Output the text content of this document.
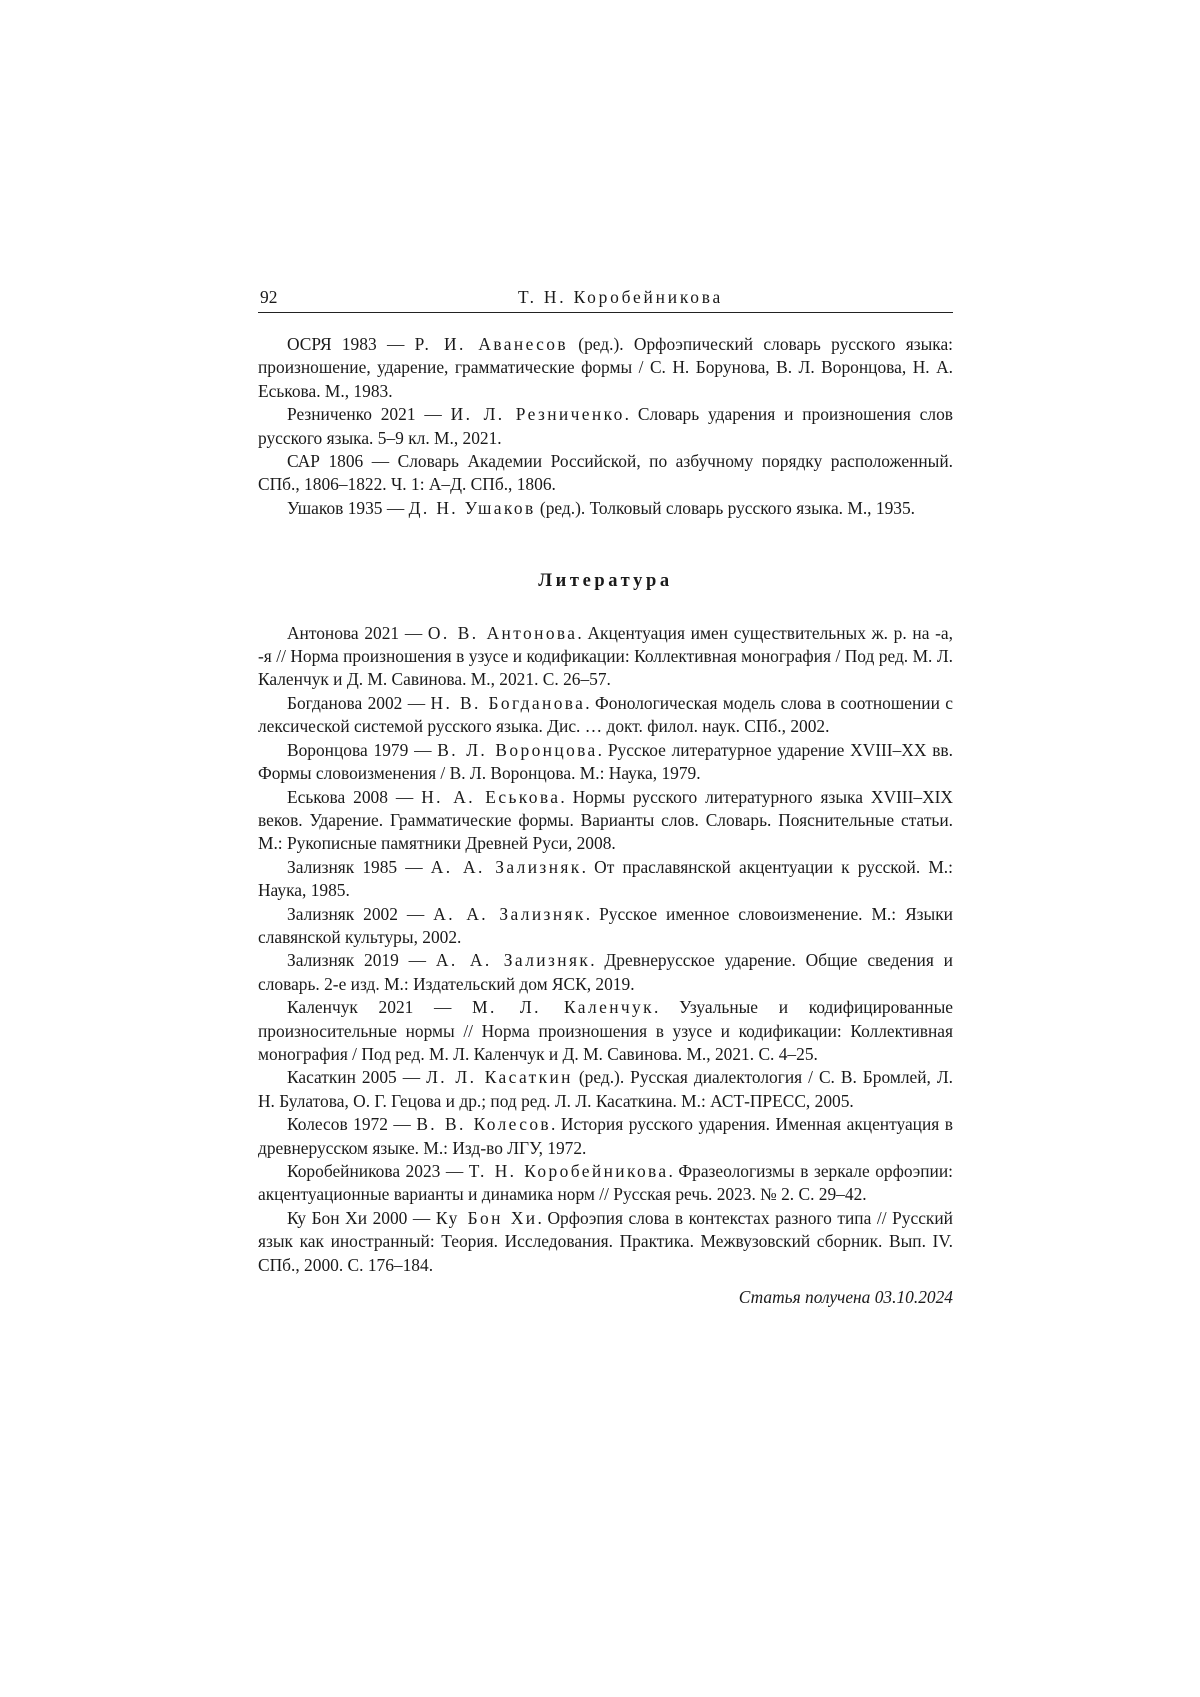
92	Т. Н. Коробейникова

ОСРЯ 1983 — Р. И. Аванесов (ред.). Орфоэпический словарь русского языка: произношение, ударение, грамматические формы / С. Н. Борунова, В. Л. Воронцова, Н. А. Еськова. М., 1983.

Резниченко 2021 — И. Л. Резниченко. Словарь ударения и произношения слов русского языка. 5–9 кл. М., 2021.

САР 1806 — Словарь Академии Российской, по азбучному порядку расположенный. СПб., 1806–1822. Ч. 1: А–Д. СПб., 1806.

Ушаков 1935 — Д. Н. Ушаков (ред.). Толковый словарь русского языка. М., 1935.

Литература

Антонова 2021 — О. В. Антонова. Акцентуация имен существительных ж. р. на -а, -я // Норма произношения в узусе и кодификации: Коллективная монография / Под ред. М. Л. Каленчук и Д. М. Савинова. М., 2021. С. 26–57.

Богданова 2002 — Н. В. Богданова. Фонологическая модель слова в соотношении с лексической системой русского языка. Дис. … докт. филол. наук. СПб., 2002.

Воронцова 1979 — В. Л. Воронцова. Русское литературное ударение XVIII–XX вв. Формы словоизменения / В. Л. Воронцова. М.: Наука, 1979.

Еськова 2008 — Н. А. Еськова. Нормы русского литературного языка XVIII–XIX веков. Ударение. Грамматические формы. Варианты слов. Словарь. Пояснительные статьи. М.: Рукописные памятники Древней Руси, 2008.

Зализняк 1985 — А. А. Зализняк. От праславянской акцентуации к русской. М.: Наука, 1985.

Зализняк 2002 — А. А. Зализняк. Русское именное словоизменение. М.: Языки славянской культуры, 2002.

Зализняк 2019 — А. А. Зализняк. Древнерусское ударение. Общие сведения и словарь. 2-е изд. М.: Издательский дом ЯСК, 2019.

Каленчук 2021 — М. Л. Каленчук. Узуальные и кодифицированные произносительные нормы // Норма произношения в узусе и кодификации: Коллективная монография / Под ред. М. Л. Каленчук и Д. М. Савинова. М., 2021. С. 4–25.

Касаткин 2005 — Л. Л. Касаткин (ред.). Русская диалектология / С. В. Бромлей, Л. Н. Булатова, О. Г. Гецова и др.; под ред. Л. Л. Касаткина. М.: АСТ-ПРЕСС, 2005.

Колесов 1972 — В. В. Колесов. История русского ударения. Именная акцентуация в древнерусском языке. М.: Изд-во ЛГУ, 1972.

Коробейникова 2023 — Т. Н. Коробейникова. Фразеологизмы в зеркале орфоэпии: акцентуационные варианты и динамика норм // Русская речь. 2023. № 2. С. 29–42.

Ку Бон Хи 2000 — Ку Бон Хи. Орфоэпия слова в контекстах разного типа // Русский язык как иностранный: Теория. Исследования. Практика. Межвузовский сборник. Вып. IV. СПб., 2000. С. 176–184.

Статья получена 03.10.2024
